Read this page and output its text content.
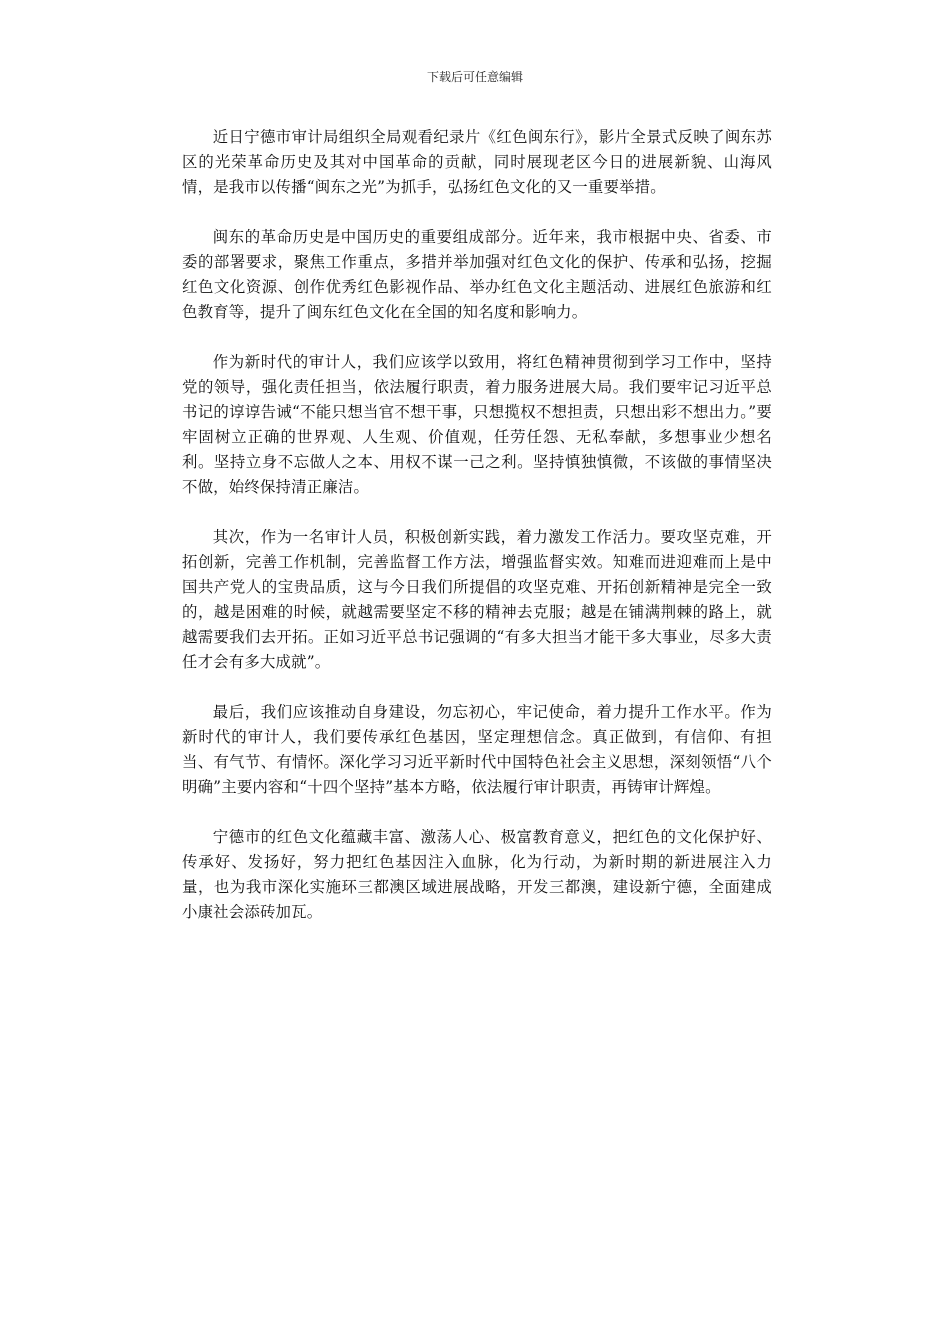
下载后可任意编辑

近日宁德市审计局组织全局观看纪录片《红色闽东行》，影片全景式反映了闽东苏区的光荣革命历史及其对中国革命的贡献，同时展现老区今日的进展新貌、山海风情，是我市以传播“闽东之光”为抓手，弘扬红色文化的又一重要举措。

闽东的革命历史是中国历史的重要组成部分。近年来，我市根据中央、省委、市委的部署要求，聚焦工作重点，多措并举加强对红色文化的保护、传承和弘扬，挖掘红色文化资源、创作优秀红色影视作品、举办红色文化主题活动、进展红色旅游和红色教育等，提升了闽东红色文化在全国的知名度和影响力。

作为新时代的审计人，我们应该学以致用，将红色精神贯彻到学习工作中，坚持党的领导，强化责任担当，依法履行职责，着力服务进展大局。我们要牢记习近平总书记的谆谆告诫“不能只想当官不想干事，只想揽权不想担责，只想出彩不想出力。”要牢固树立正确的世界观、人生观、价值观，任劳任怨、无私奉献，多想事业少想名利。坚持立身不忘做人之本、用权不谋一己之利。坚持慎独慎微，不该做的事情坚决不做，始终保持清正廉洁。

其次，作为一名审计人员，积极创新实践，着力激发工作活力。要攻坚克难，开拓创新，完善工作机制，完善监督工作方法，增强监督实效。知难而进迎难而上是中国共产党人的宝贵品质，这与今日我们所提倡的攻坚克难、开拓创新精神是完全一致的，越是困难的时候，就越需要坚定不移的精神去克服；越是在铺满荆棘的路上，就越需要我们去开拓。正如习近平总书记强调的“有多大担当才能干多大事业，尽多大责任才会有多大成就”。

最后，我们应该推动自身建设，勿忘初心，牢记使命，着力提升工作水平。作为新时代的审计人，我们要传承红色基因，坚定理想信念。真正做到，有信仰、有担当、有气节、有情怀。深化学习习近平新时代中国特色社会主义思想，深刻领悟“八个明确”主要内容和“十四个坚持”基本方略，依法履行审计职责，再铸审计辉煌。

宁德市的红色文化蕴藏丰富、激荡人心、极富教育意义，把红色的文化保护好、传承好、发扬好，努力把红色基因注入血脉，化为行动，为新时期的新进展注入力量，也为我市深化实施环三都澳区域进展战略，开发三都澳，建设新宁德，全面建成小康社会添砖加瓦。
